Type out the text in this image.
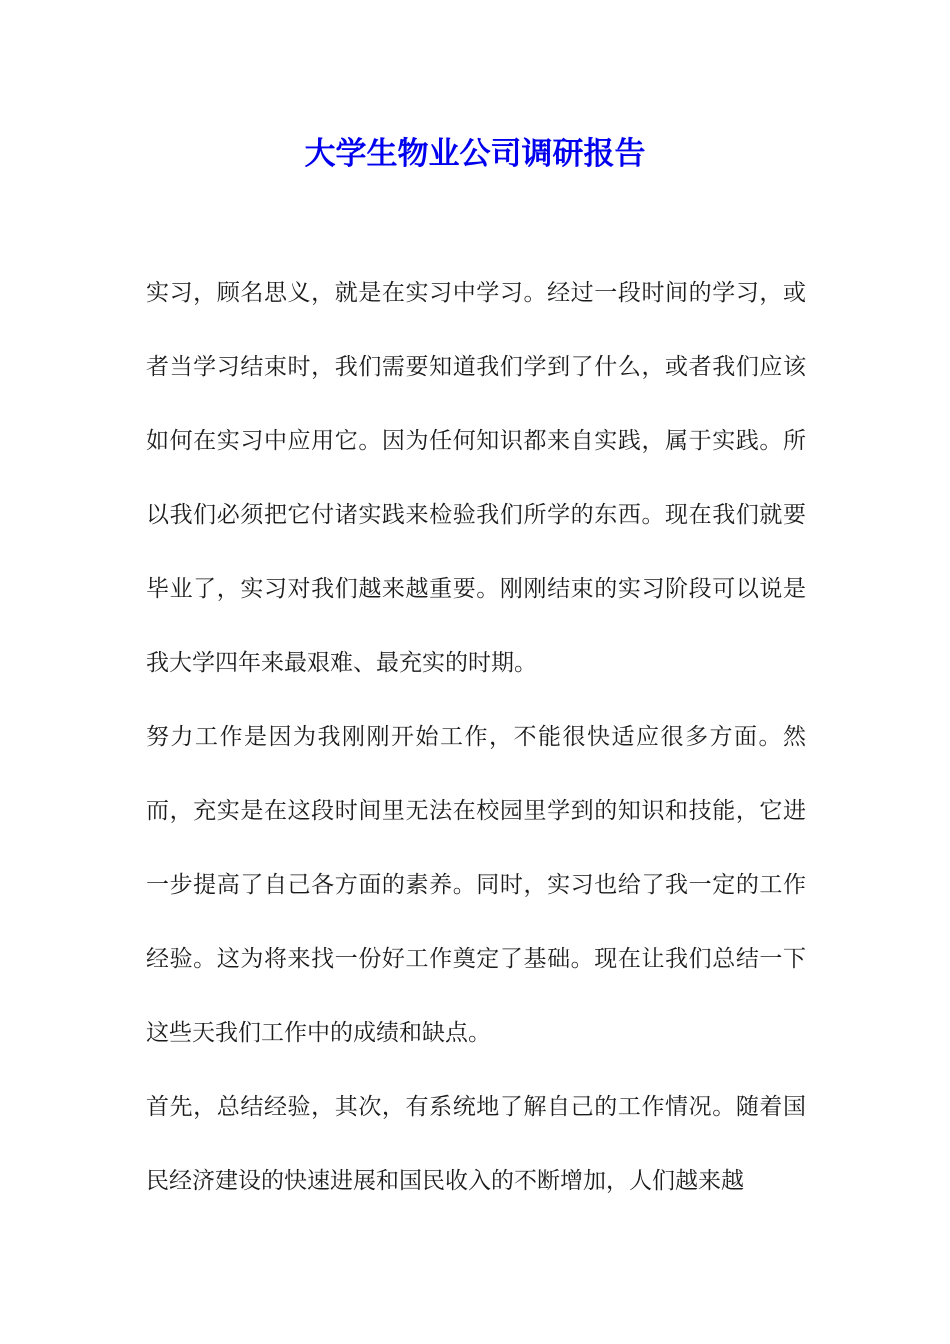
大学生物业公司调研报告

实习，顾名思义，就是在实习中学习。经过一段时间的学习，或者当学习结束时，我们需要知道我们学到了什么，或者我们应该如何在实习中应用它。因为任何知识都来自实践，属于实践。所以我们必须把它付诸实践来检验我们所学的东西。现在我们就要毕业了，实习对我们越来越重要。刚刚结束的实习阶段可以说是我大学四年来最艰难、最充实的时期。

努力工作是因为我刚刚开始工作，不能很快适应很多方面。然而，充实是在这段时间里无法在校园里学到的知识和技能，它进一步提高了自己各方面的素养。同时，实习也给了我一定的工作经验。这为将来找一份好工作奠定了基础。现在让我们总结一下这些天我们工作中的成绩和缺点。

首先，总结经验，其次，有系统地了解自己的工作情况。随着国民经济建设的快速进展和国民收入的不断增加，人们越来越
